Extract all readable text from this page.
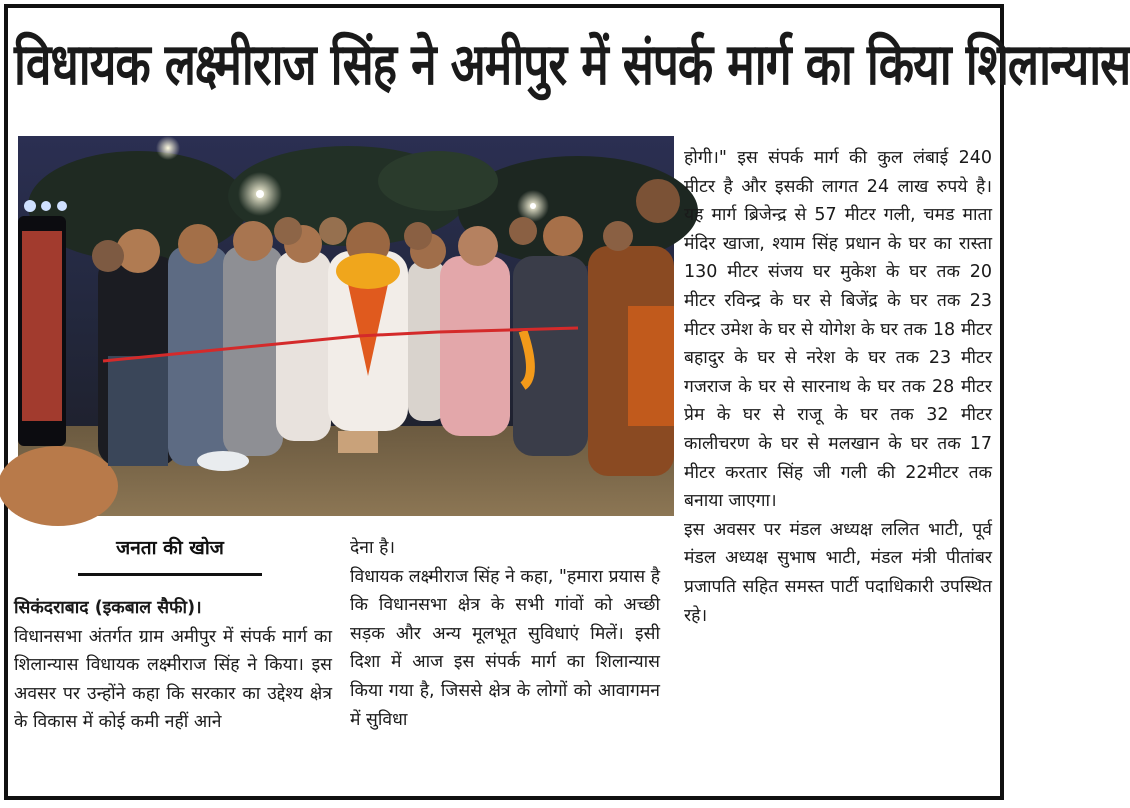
विधायक लक्ष्मीराज सिंह ने अमीपुर में संपर्क मार्ग का किया शिलान्यास
जनता की खोज

सिकंदराबाद (इकबाल सैफी)।

विधानसभा अंतर्गत ग्राम अमीपुर में संपर्क मार्ग का शिलान्यास विधायक लक्ष्मीराज सिंह ने किया। इस अवसर पर उन्होंने कहा कि सरकार का उद्देश्य क्षेत्र के विकास में कोई कमी नहीं आने

देना है।

विधायक लक्ष्मीराज सिंह ने कहा, "हमारा प्रयास है कि विधानसभा क्षेत्र के सभी गांवों को अच्छी सड़क और अन्य मूलभूत सुविधाएं मिलें। इसी दिशा में आज इस संपर्क मार्ग का शिलान्यास किया गया है, जिससे क्षेत्र के लोगों को आवागमन में सुविधा

होगी।" इस संपर्क मार्ग की कुल लंबाई 240 मीटर है और इसकी लागत 24 लाख रुपये है। यह मार्ग ब्रिजेन्द्र से 57 मीटर गली, चमड माता मंदिर खाजा, श्याम सिंह प्रधान के घर का रास्ता 130 मीटर संजय घर मुकेश के घर तक 20 मीटर रविन्द्र के घर से बिजेंद्र के घर तक 23 मीटर उमेश के घर से योगेश के घर तक 18 मीटर बहादुर के घर से नरेश के घर तक 23 मीटर गजराज के घर से सारनाथ के घर तक 28 मीटर प्रेम के घर से राजू के घर तक 32 मीटर कालीचरण के घर से मलखान के घर तक 17 मीटर करतार सिंह जी गली की 22मीटर तक बनाया जाएगा।

इस अवसर पर मंडल अध्यक्ष ललित भाटी, पूर्व मंडल अध्यक्ष सुभाष भाटी, मंडल मंत्री पीतांबर प्रजापति सहित समस्त पार्टी पदाधिकारी उपस्थित रहे।
